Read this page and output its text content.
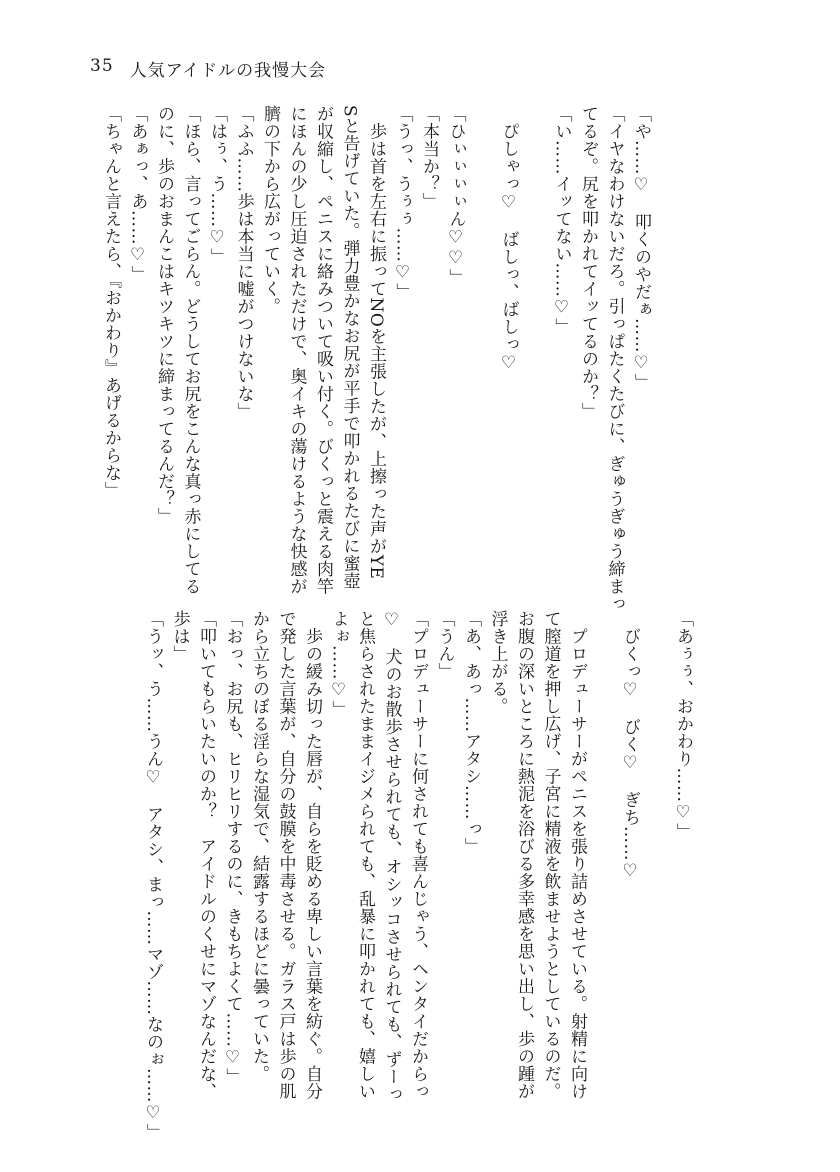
35 人気アイドルの我慢大会
「や……♡　叩くのやだぁ……♡」
「イヤなわけないだろ。引っぱたくたびに、ぎゅうぎゅう締まっ
てるぞ。尻を叩かれてイッてるのか？」
「い……イッてない……♡」
　ぴしゃっ♡　ばしっ、ばしっ♡
「ひぃぃぃぃん♡♡」
「本当か？」
「うっ、うぅぅ……♡」
　歩は首を左右に振ってNOを主張したが、上擦った声がYE
Sと告げていた。弾力豊かなお尻が平手で叩かれるたびに蜜壺
が収縮し、ペニスに絡みついて吸い付く。びくっと震える肉竿
にほんの少し圧迫されただけで、奥イキの蕩けるような快感が
臍の下から広がっていく。
「ふふ……歩は本当に嘘がつけないな」
「はぅ、う……♡」
「ほら、言ってごらん。どうしてお尻をこんな真っ赤にしてる
のに、歩のおまんこはキツキツに締まってるんだ？」
「あぁっ、あ……♡」
「ちゃんと言えたら、『おかわり』あげるからな」
「あぅぅ、おかわり……♡」
　びくっ♡　びく♡　ぎち……♡
　プロデューサーがペニスを張り詰めさせている。射精に向け
て膣道を押し広げ、子宮に精液を飲ませようとしているのだ。
お腹の深いところに熱泥を浴びる多幸感を思い出し、歩の踵が
浮き上がる。
「あ、あっ……アタシ……っ」
「うん」
「プロデューサーに何されても喜んじゃう、ヘンタイだからっ
♡　犬のお散歩させられても、オシッコさせられても、ずーっ
と焦らされたままイジメられても、乱暴に叩かれても、嬉しい
よぉ……♡」
　歩の緩み切った唇が、自らを貶める卑しい言葉を紡ぐ。自分
で発した言葉が、自分の鼓膜を中毒させる。ガラス戸は歩の肌
から立ちのぼる淫らな湿気で、結露するほどに曇っていた。
「おっ、お尻も、ヒリヒリするのに、きもちよくて……♡」
「叩いてもらいたいのか？　アイドルのくせにマゾなんだな、
歩は」
「うッ、う……うん♡　アタシ、まっ……マゾ……なのぉ……♡」
